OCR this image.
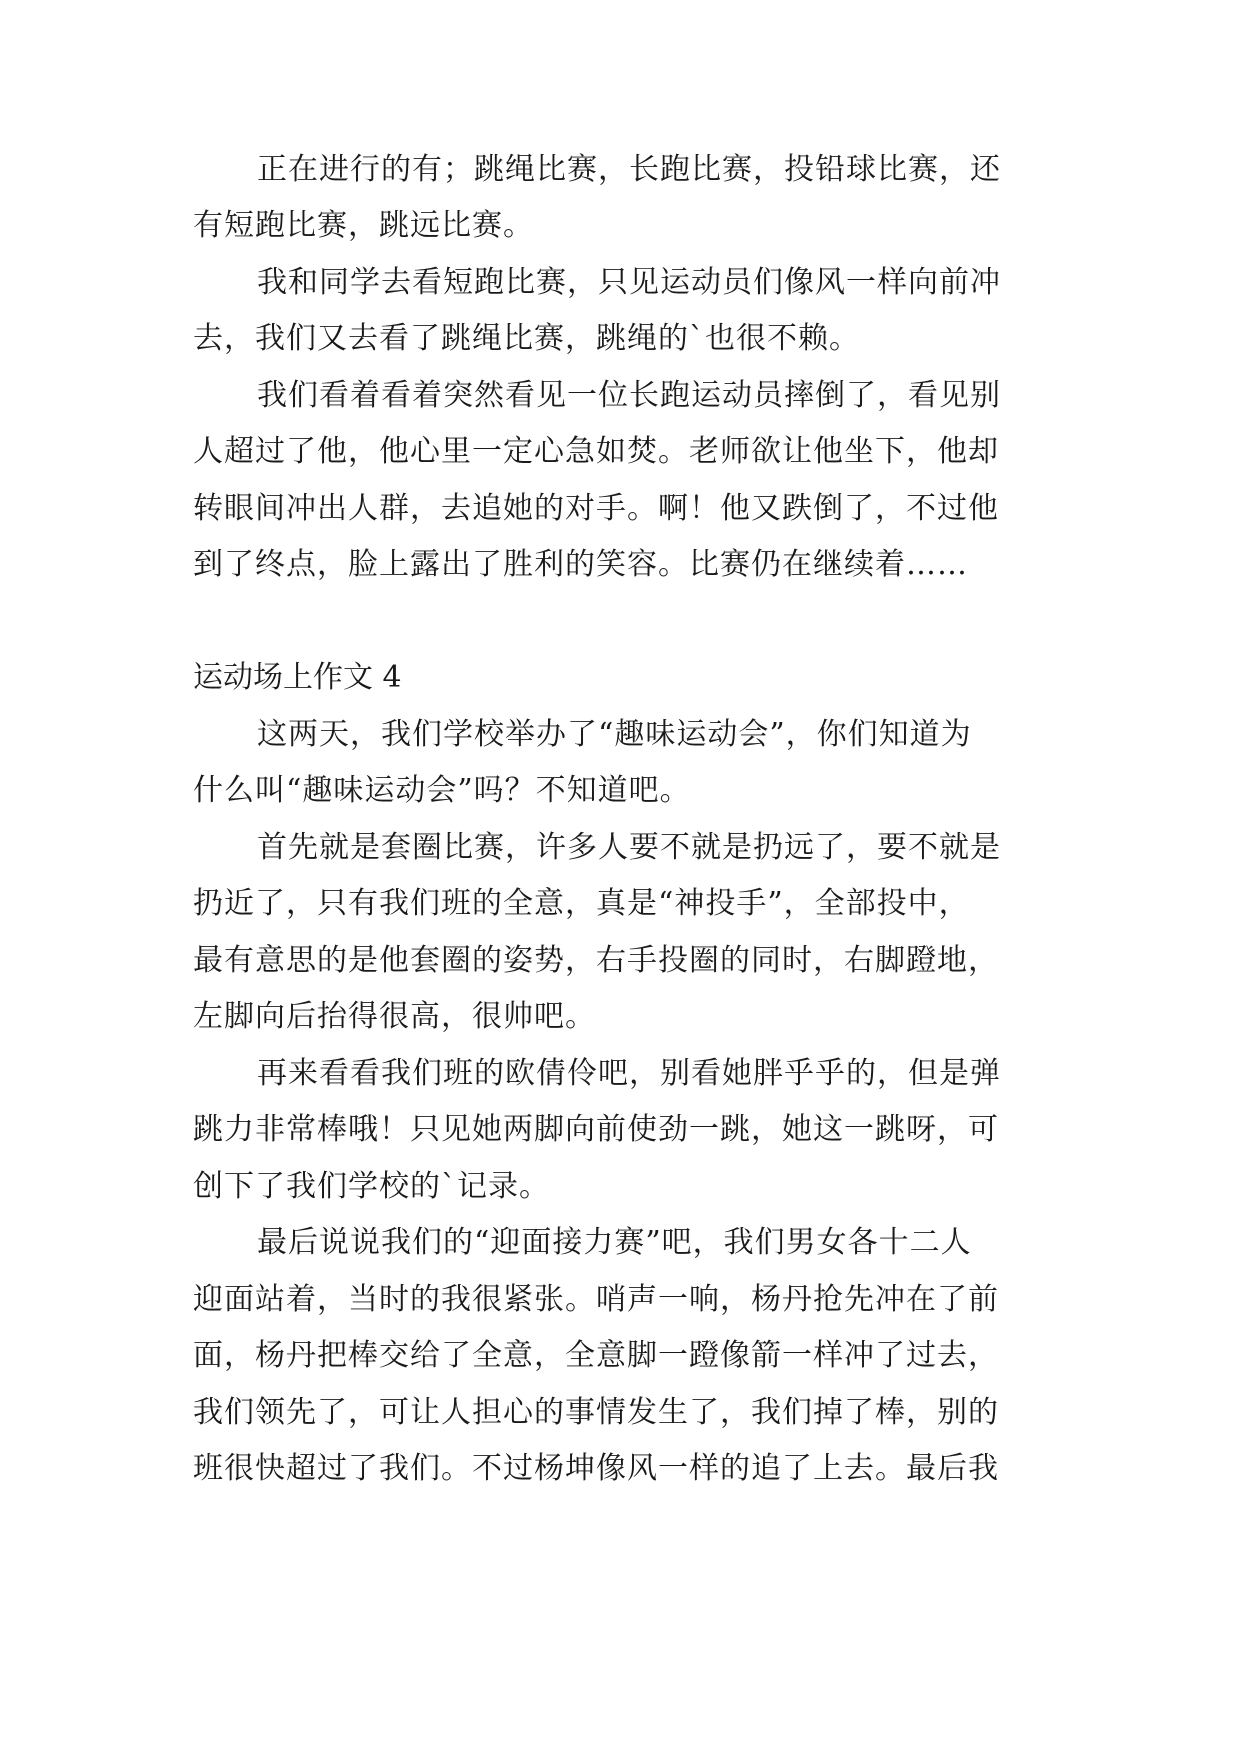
正在进行的有；跳绳比赛，长跑比赛，投铅球比赛，还
有短跑比赛，跳远比赛。
我和同学去看短跑比赛，只见运动员们像风一样向前冲
去，我们又去看了跳绳比赛，跳绳的`也很不赖。
我们看着看着突然看见一位长跑运动员摔倒了，看见别
人超过了他，他心里一定心急如焚。老师欲让他坐下，他却
转眼间冲出人群，去追她的对手。啊！他又跌倒了，不过他
到了终点，脸上露出了胜利的笑容。比赛仍在继续着……
运动场上作文 4
这两天，我们学校举办了“趣味运动会”，你们知道为
什么叫“趣味运动会”吗？不知道吧。
首先就是套圈比赛，许多人要不就是扔远了，要不就是
扔近了，只有我们班的全意，真是“神投手”，全部投中，
最有意思的是他套圈的姿势，右手投圈的同时，右脚蹬地，
左脚向后抬得很高，很帅吧。
再来看看我们班的欧倩伶吧，别看她胖乎乎的，但是弹
跳力非常棒哦！只见她两脚向前使劲一跳，她这一跳呀，可
创下了我们学校的`记录。
最后说说我们的“迎面接力赛”吧，我们男女各十二人
迎面站着，当时的我很紧张。哨声一响，杨丹抢先冲在了前
面，杨丹把棒交给了全意，全意脚一蹬像箭一样冲了过去，
我们领先了，可让人担心的事情发生了，我们掉了棒，别的
班很快超过了我们。不过杨坤像风一样的追了上去。最后我
